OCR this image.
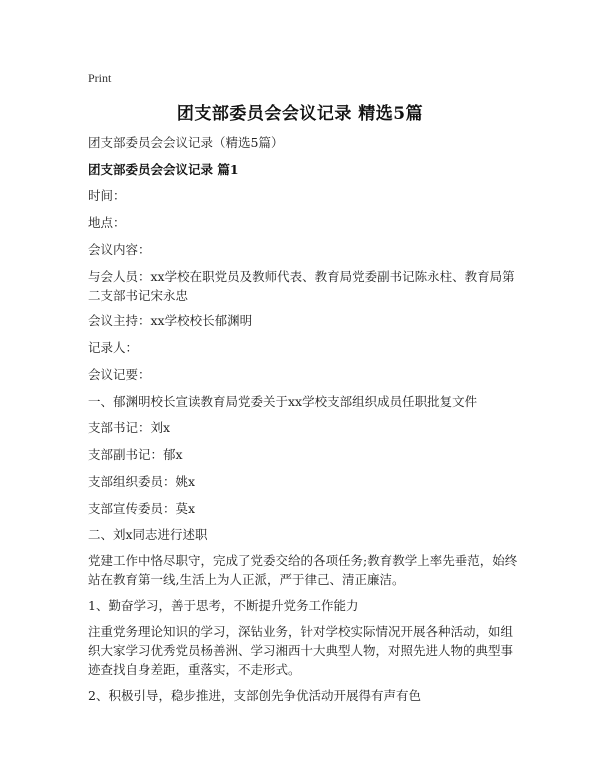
Print
团支部委员会会议记录 精选5篇
团支部委员会会议记录（精选5篇）
团支部委员会会议记录 篇1
时间：
地点：
会议内容：
与会人员：xx学校在职党员及教师代表、教育局党委副书记陈永柱、教育局第二支部书记宋永忠
会议主持：xx学校校长郁渊明
记录人：
会议记要：
一、郁渊明校长宣读教育局党委关于xx学校支部组织成员任职批复文件
支部书记：刘x
支部副书记：郁x
支部组织委员：姚x
支部宣传委员：莫x
二、刘x同志进行述职
党建工作中恪尽职守，完成了党委交给的各项任务;教育教学上率先垂范，始终站在教育第一线,生活上为人正派，严于律己、清正廉洁。
1、勤奋学习，善于思考，不断提升党务工作能力
注重党务理论知识的学习，深钻业务，针对学校实际情况开展各种活动，如组织大家学习优秀党员杨善洲、学习湘西十大典型人物，对照先进人物的典型事迹查找自身差距，重落实，不走形式。
2、积极引导，稳步推进，支部创先争优活动开展得有声有色
